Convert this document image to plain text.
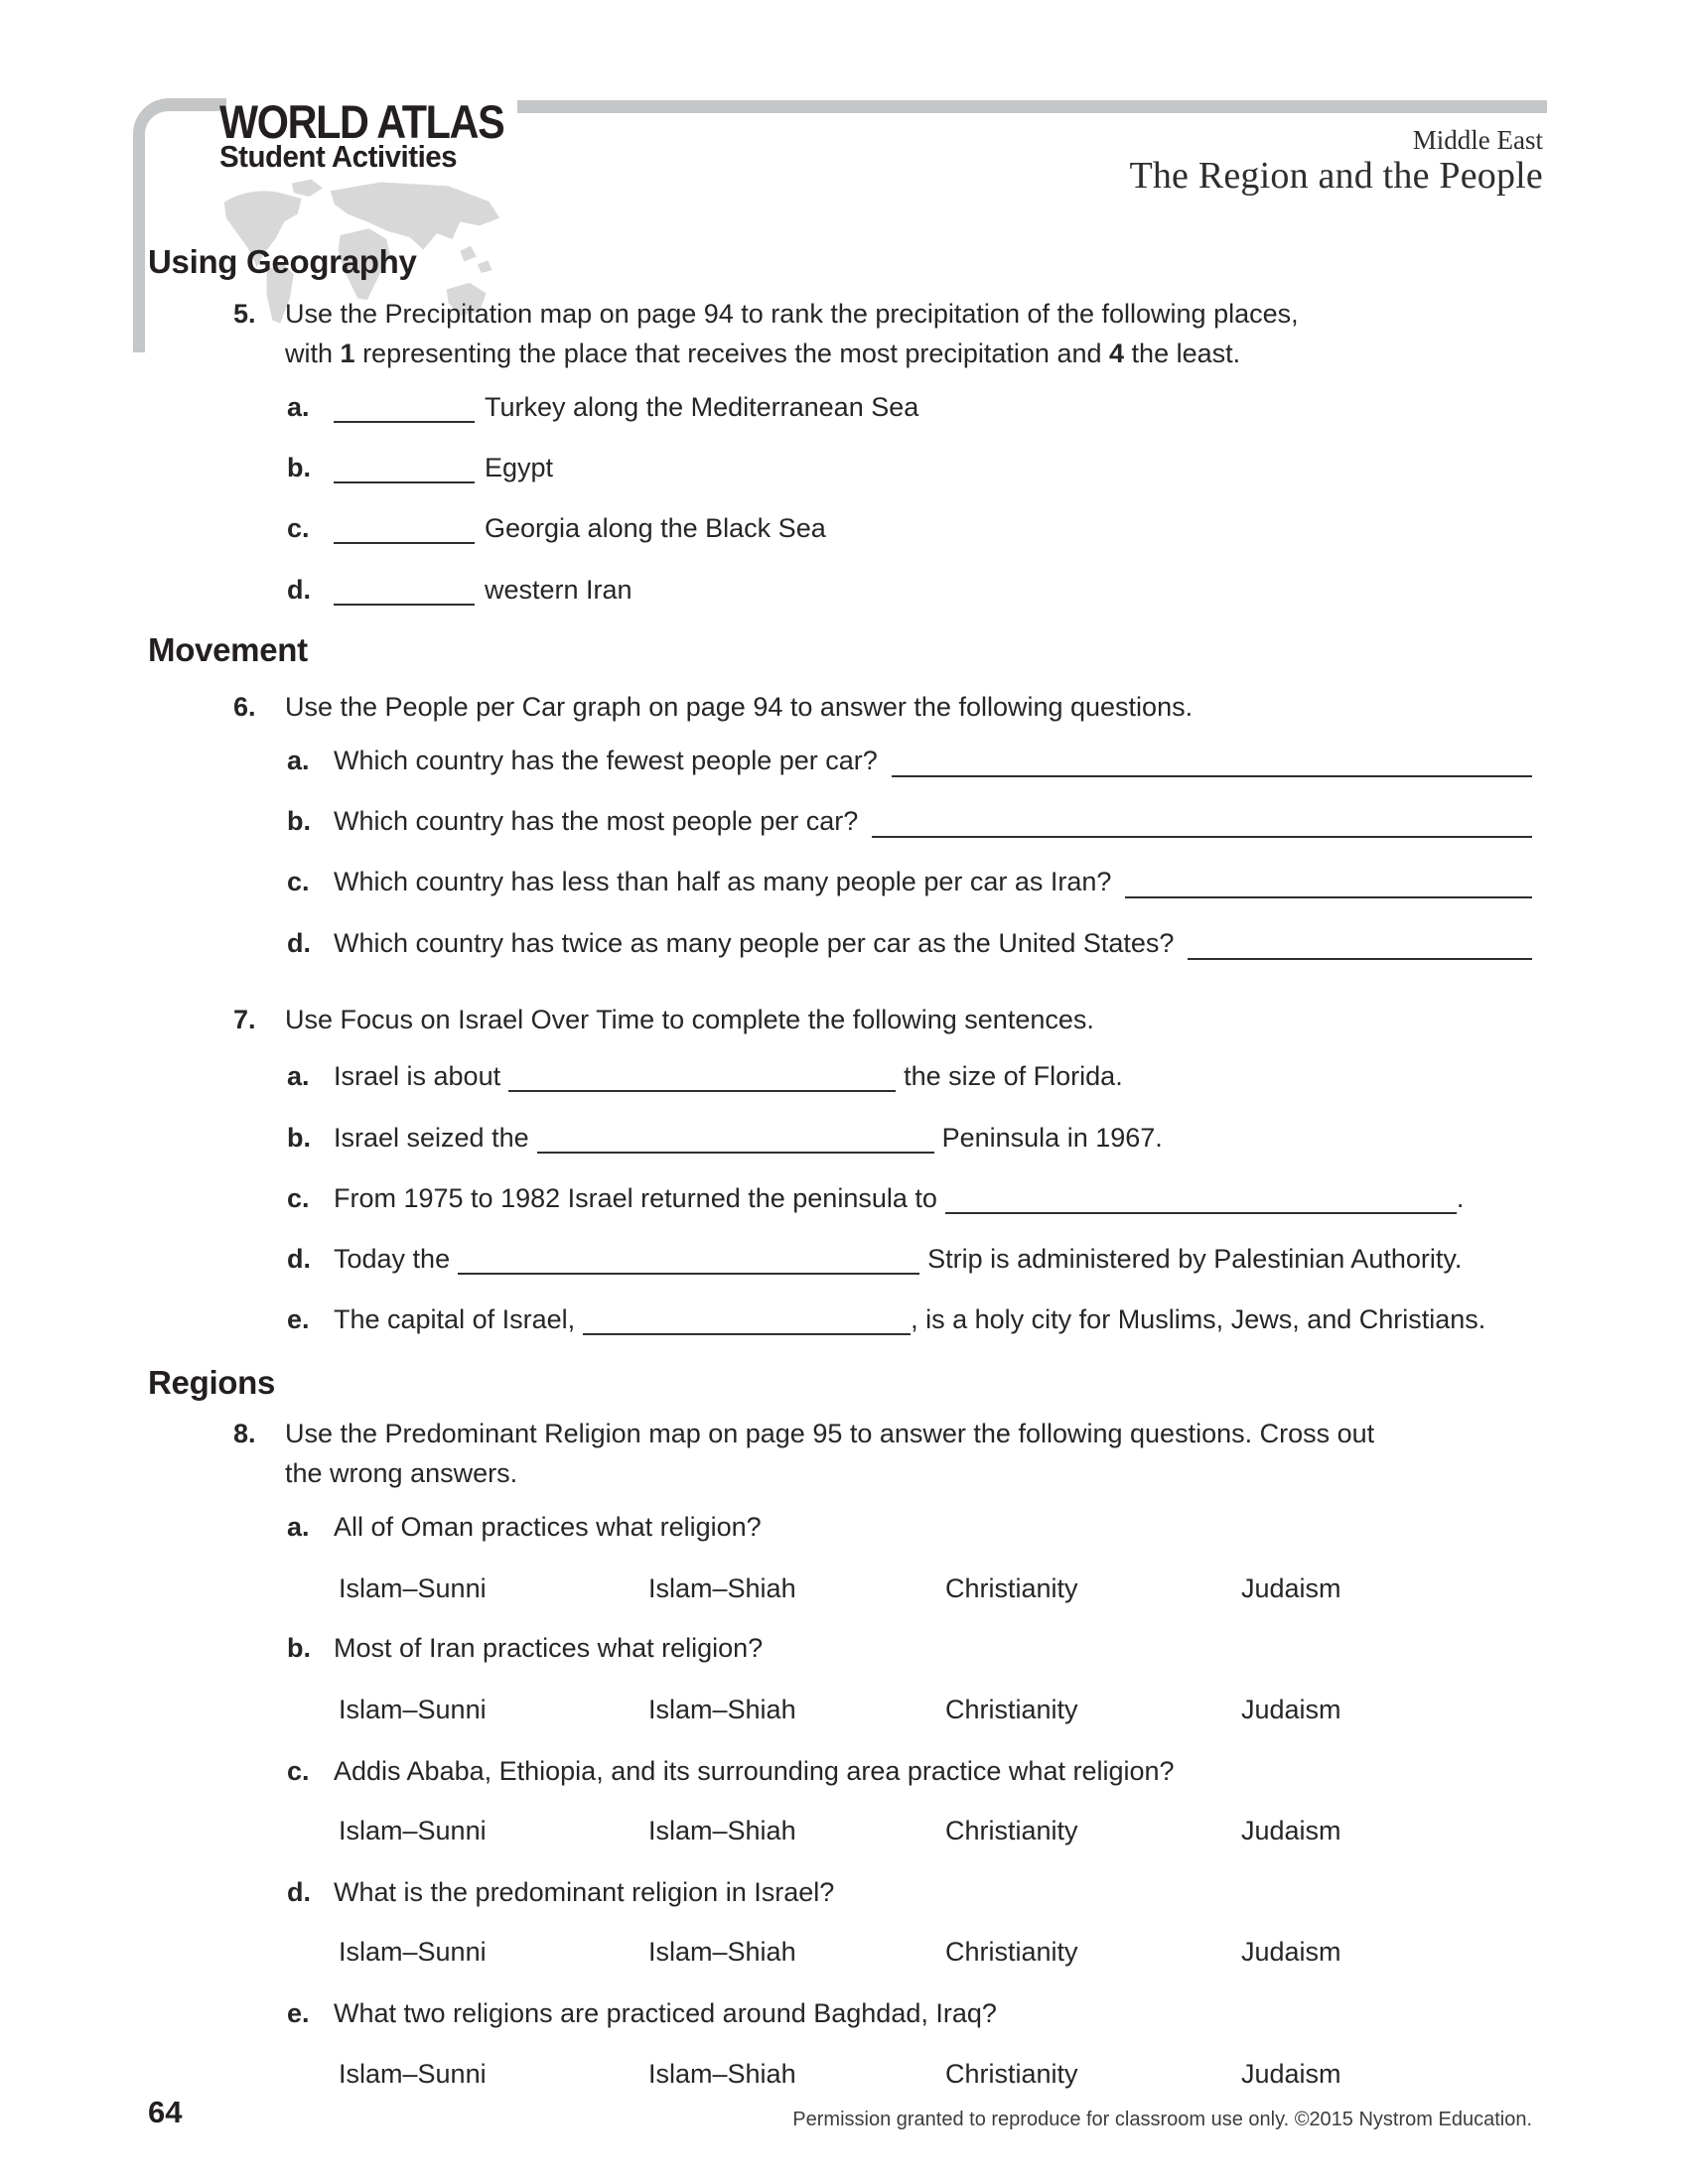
WORLD ATLAS
Student Activities	Middle East
The Region and the People
Using Geography
5.	Use the Precipitation map on page 94 to rank the precipitation of the following places,
with 1 representing the place that receives the most precipitation and 4 the least.
a.	Turkey along the Mediterranean Sea
b.	Egypt
c.	Georgia along the Black Sea
d.	western Iran
Movement
6.	Use the People per Car graph on page 94 to answer the following questions.
a. Which country has the fewest people per car?
b. Which country has the most people per car?
c. Which country has less than half as many people per car as Iran?
d. Which country has twice as many people per car as the United States?
7.	Use Focus on Israel Over Time to complete the following sentences.
a. Israel is about	the size of Florida.
b. Israel seized the	Peninsula in 1967.
c. From 1975 to 1982 Israel returned the peninsula to	.
d. Today the	Strip is administered by Palestinian Authority.
e. The capital of Israel,	, is a holy city for Muslims, Jews, and Christians.
Regions
8.	Use the Predominant Religion map on page 95 to answer the following questions. Cross out
the wrong answers.
a. All of Oman practices what religion?
Islam–Sunni	Islam–Shiah	Christianity	Judaism
b. Most of Iran practices what religion?
Islam–Sunni	Islam–Shiah	Christianity	Judaism
c. Addis Ababa, Ethiopia, and its surrounding area practice what religion?
Islam–Sunni	Islam–Shiah	Christianity	Judaism
d. What is the predominant religion in Israel?
Islam–Sunni	Islam–Shiah	Christianity	Judaism
e. What two religions are practiced around Baghdad, Iraq?
Islam–Sunni	Islam–Shiah	Christianity	Judaism
64	Permission granted to reproduce for classroom use only. ©2015 Nystrom Education.
